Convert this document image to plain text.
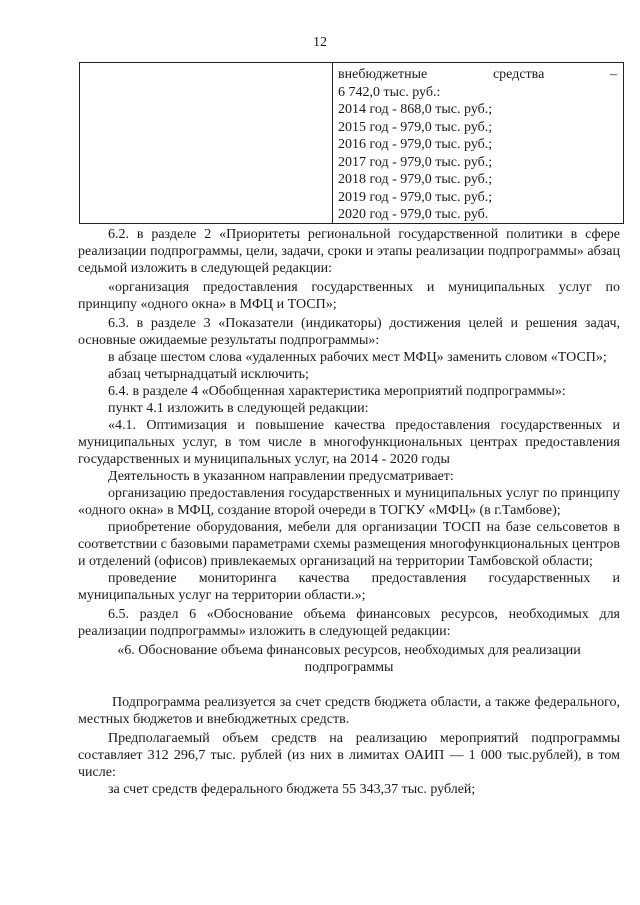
12
внебюджетные	средства	–
6 742,0 тыс. руб.:
2014 год - 868,0 тыс. руб.;
2015 год - 979,0 тыс. руб.;
2016 год - 979,0 тыс. руб.;
2017 год - 979,0 тыс. руб.;
2018 год - 979,0 тыс. руб.;
2019 год - 979,0 тыс. руб.;
2020 год - 979,0 тыс. руб.

6.2. в разделе 2 «Приоритеты региональной государственной политики в сфере реализации подпрограммы, цели, задачи, сроки и этапы реализации подпрограммы» абзац седьмой изложить в следующей редакции:

«организация предоставления государственных и муниципальных услуг по принципу «одного окна» в МФЦ и ТОСП»;

6.3. в разделе 3 «Показатели (индикаторы) достижения целей и решения задач, основные ожидаемые результаты подпрограммы»:

в абзаце шестом слова «удаленных рабочих мест МФЦ» заменить словом «ТОСП»;

абзац четырнадцатый исключить;

6.4. в разделе 4 «Обобщенная характеристика мероприятий подпрограммы»:

пункт 4.1 изложить в следующей редакции:

«4.1. Оптимизация и повышение качества предоставления государственных и муниципальных услуг, в том числе в многофункциональных центрах предоставления государственных и муниципальных услуг, на 2014 - 2020 годы

Деятельность в указанном направлении предусматривает:

организацию предоставления государственных и муниципальных услуг по принципу «одного окна» в МФЦ, создание второй очереди в ТОГКУ «МФЦ» (в г.Тамбове);

приобретение оборудования, мебели для организации ТОСП на базе сельсоветов в соответствии с базовыми параметрами схемы размещения многофункциональных центров и отделений (офисов) привлекаемых организаций на территории Тамбовской области;

проведение мониторинга качества предоставления государственных и муниципальных услуг на территории области.»;

6.5. раздел 6 «Обоснование объема финансовых ресурсов, необходимых для реализации подпрограммы» изложить в следующей редакции:

«6. Обоснование объема финансовых ресурсов, необходимых для реализации подпрограммы

Подпрограмма реализуется за счет средств бюджета области, а также федерального, местных бюджетов и внебюджетных средств.

Предполагаемый объем средств на реализацию мероприятий подпрограммы составляет 312 296,7 тыс. рублей (из них в лимитах ОАИП — 1 000 тыс.рублей), в том числе:

за счет средств федерального бюджета 55 343,37 тыс. рублей;
